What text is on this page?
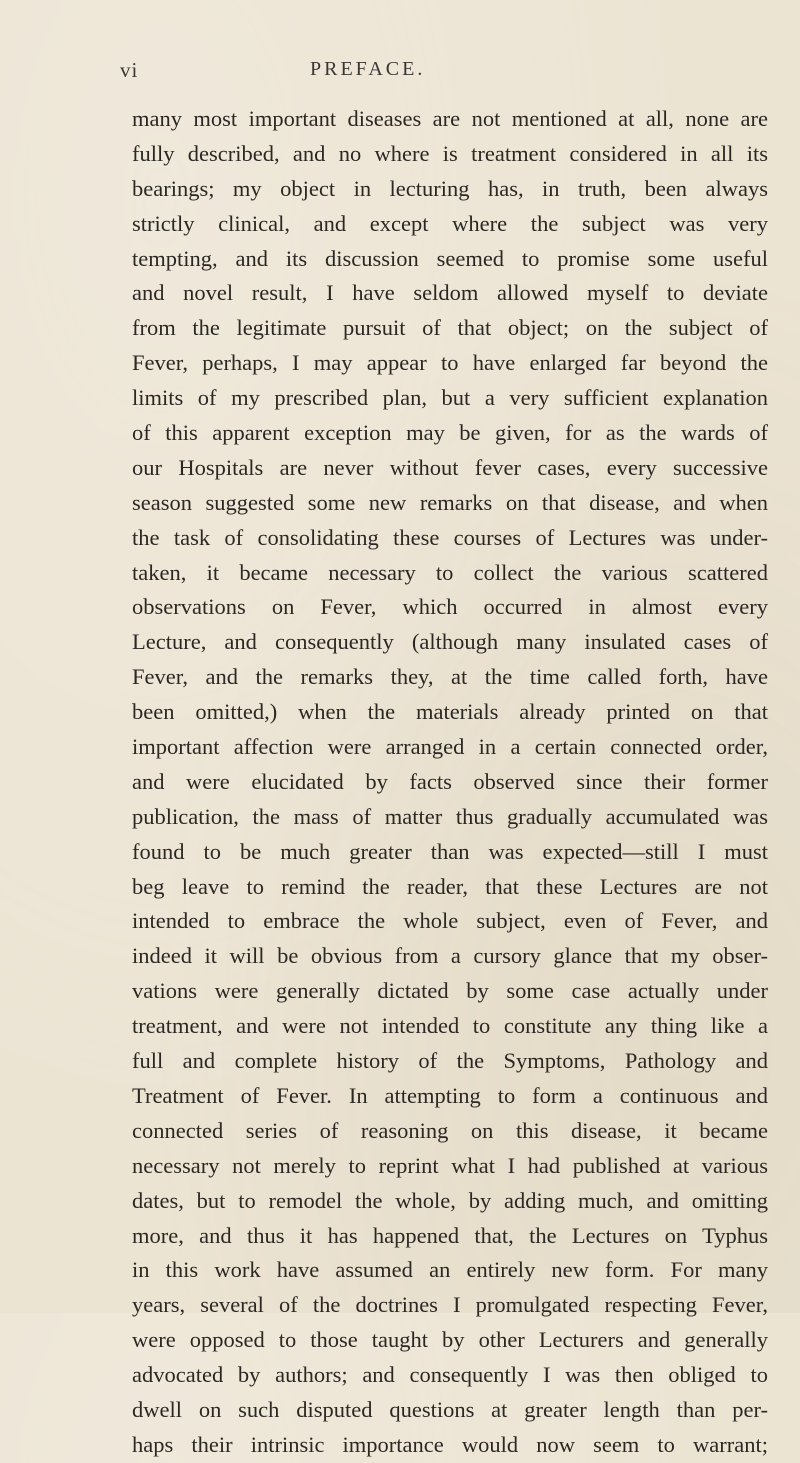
vi	PREFACE.
many most important diseases are not mentioned at all, none are
fully described, and no where is treatment considered in all its
bearings; my object in lecturing has, in truth, been always
strictly clinical, and except where the subject was very
tempting, and its discussion seemed to promise some useful
and novel result, I have seldom allowed myself to deviate
from the legitimate pursuit of that object; on the subject of
Fever, perhaps, I may appear to have enlarged far beyond the
limits of my prescribed plan, but a very sufficient explanation
of this apparent exception may be given, for as the wards of
our Hospitals are never without fever cases, every successive
season suggested some new remarks on that disease, and when
the task of consolidating these courses of Lectures was under-
taken, it became necessary to collect the various scattered
observations on Fever, which occurred in almost every
Lecture, and consequently (although many insulated cases of
Fever, and the remarks they, at the time called forth, have
been omitted,) when the materials already printed on that
important affection were arranged in a certain connected order,
and were elucidated by facts observed since their former
publication, the mass of matter thus gradually accumulated was
found to be much greater than was expected—still I must
beg leave to remind the reader, that these Lectures are not
intended to embrace the whole subject, even of Fever, and
indeed it will be obvious from a cursory glance that my obser-
vations were generally dictated by some case actually under
treatment, and were not intended to constitute any thing like a
full and complete history of the Symptoms, Pathology and
Treatment of Fever. In attempting to form a continuous and
connected series of reasoning on this disease, it became
necessary not merely to reprint what I had published at various
dates, but to remodel the whole, by adding much, and omitting
more, and thus it has happened that, the Lectures on Typhus
in this work have assumed an entirely new form. For many
years, several of the doctrines I promulgated respecting Fever,
were opposed to those taught by other Lecturers and generally
advocated by authors; and consequently I was then obliged to
dwell on such disputed questions at greater length than per-
haps their intrinsic importance would now seem to warrant;
